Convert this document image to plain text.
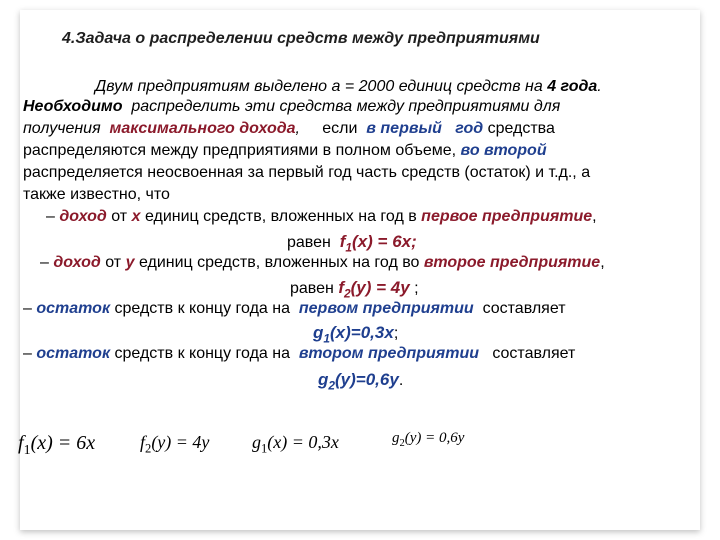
4.Задача о распределении средств между предприятиями
Двум предприятиям выделено а = 2000 единиц средств на 4 года.
Необходимо распределить эти средства между предприятиями для
получения максимального дохода, если в первый год средства
распределяются между предприятиями в полном объеме, во второй
распределяется неосвоенная за первый год часть средств (остаток) и т.д., а
также известно, что
– доход от x единиц средств, вложенных на год в первое предприятие,
равен $f_1(x) = 6x$;
– доход от y единиц средств, вложенных на год во второе предприятие,
равен $f_2(y) = 4y$ ;
– остаток средств к концу года на первом предприятии составляет
$g_1(x)=0,3x$;
– остаток средств к концу года на втором предприятии составляет
$g_2(y)=0,6y$.
$f_1(x) = 6x$ $f_2(y) = 4y$ $g_1(x) = 0,3x$	$g_2(y) = 0,6y$
